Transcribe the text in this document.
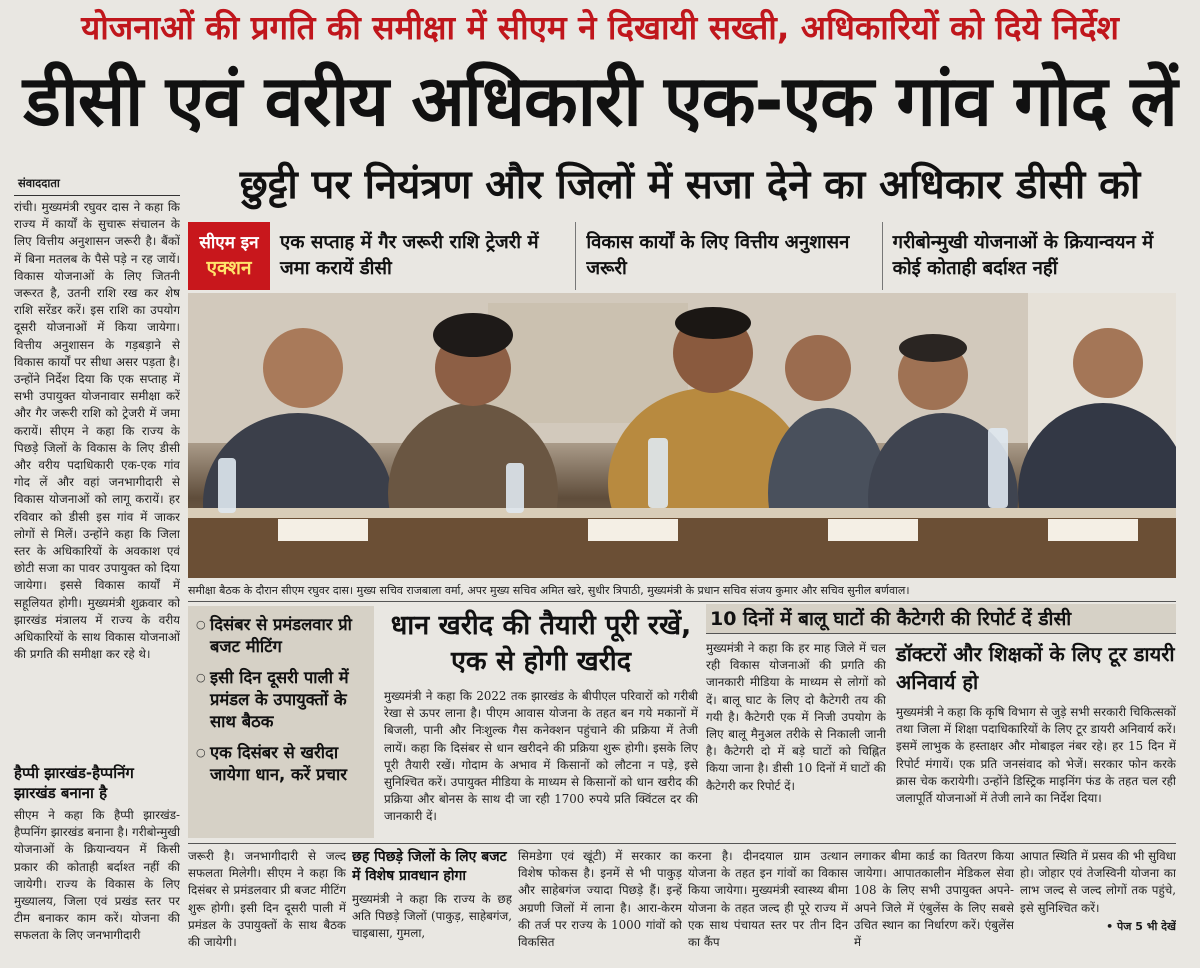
योजनाओं की प्रगति की समीक्षा में सीएम ने दिखायी सख्ती, अधिकारियों को दिये निर्देश
डीसी एवं वरीय अधिकारी एक-एक गांव गोद लें
छुट्टी पर नियंत्रण और जिलों में सजा देने का अधिकार डीसी को
संवाददाता
रांची। मुख्यमंत्री रघुवर दास ने कहा कि राज्य में कार्यों के सुचारू संचालन के लिए वित्तीय अनुशासन जरूरी है। बैंकों में बिना मतलब के पैसे पड़े न रह जायें। विकास योजनाओं के लिए जितनी जरूरत है, उतनी राशि रख कर शेष राशि सरेंडर करें। इस राशि का उपयोग दूसरी योजनाओं में किया जायेगा। वित्तीय अनुशासन के गड़बड़ाने से विकास कार्यों पर सीधा असर पड़ता है। उन्होंने निर्देश दिया कि एक सप्ताह में सभी उपायुक्त योजनावार समीक्षा करें और गैर जरूरी राशि को ट्रेजरी में जमा करायें। सीएम ने कहा कि राज्य के पिछड़े जिलों के विकास के लिए डीसी और वरीय पदाधिकारी एक-एक गांव गोद लें और वहां जनभागीदारी से विकास योजनाओं को लागू करायें। हर रविवार को डीसी इस गांव में जाकर लोगों से मिलें। उन्होंने कहा कि जिला स्तर के अधिकारियों के अवकाश एवं छोटी सजा का पावर उपायुक्त को दिया जायेगा। इससे विकास कार्यों में सहूलियत होगी। मुख्यमंत्री शुक्रवार को झारखंड मंत्रालय में राज्य के वरीय अधिकारियों के साथ विकास योजनाओं की प्रगति की समीक्षा कर रहे थे।
हैप्पी झारखंड-हैप्पनिंग झारखंड बनाना है
सीएम ने कहा कि हैप्पी झारखंड-हैप्पनिंग झारखंड बनाना है। गरीबोन्मुखी योजनाओं के क्रियान्वयन में किसी प्रकार की कोताही बर्दाश्त नहीं की जायेगी। राज्य के विकास के लिए मुख्यालय, जिला एवं प्रखंड स्तर पर टीम बनाकर काम करें। योजना की सफलता के लिए जनभागीदारी
सीएम इन
एक्शन
एक सप्ताह में गैर जरूरी राशि ट्रेजरी में जमा करायें डीसी
विकास कार्यों के लिए वित्तीय अनुशासन जरूरी
गरीबोन्मुखी योजनाओं के क्रियान्वयन में कोई कोताही बर्दाश्त नहीं
समीक्षा बैठक के दौरान सीएम रघुवर दास। मुख्य सचिव राजबाला वर्मा, अपर मुख्य सचिव अमित खरे, सुधीर त्रिपाठी, मुख्यमंत्री के प्रधान सचिव संजय कुमार और सचिव सुनील बर्णवाल।
○ दिसंबर से प्रमंडलवार प्री बजट मीटिंग
○ इसी दिन दूसरी पाली में प्रमंडल के उपायुक्तों के साथ बैठक
○ एक दिसंबर से खरीदा जायेगा धान, करें प्रचार
धान खरीद की तैयारी पूरी रखें, एक से होगी खरीद
मुख्यमंत्री ने कहा कि 2022 तक झारखंड के बीपीएल परिवारों को गरीबी रेखा से ऊपर लाना है। पीएम आवास योजना के तहत बन गये मकानों में बिजली, पानी और निःशुल्क गैस कनेक्शन पहुंचाने की प्रक्रिया में तेजी लायें। कहा कि दिसंबर से धान खरीदने की प्रक्रिया शुरू होगी। इसके लिए पूरी तैयारी रखें। गोदाम के अभाव में किसानों को लौटना न पड़े, इसे सुनिश्चित करें। उपायुक्त मीडिया के माध्यम से किसानों को धान खरीद की प्रक्रिया और बोनस के साथ दी जा रही 1700 रुपये प्रति क्विंटल दर की जानकारी दें।
10 दिनों में बालू घाटों की कैटेगरी की रिपोर्ट दें डीसी
मुख्यमंत्री ने कहा कि हर माह जिले में चल रही विकास योजनाओं की प्रगति की जानकारी मीडिया के माध्यम से लोगों को दें। बालू घाट के लिए दो कैटेगरी तय की गयी है। कैटेगरी एक में निजी उपयोग के लिए बालू मैनुअल तरीके से निकाली जानी है। कैटेगरी दो में बड़े घाटों को चिह्नित किया जाना है। डीसी 10 दिनों में घाटों की कैटेगरी कर रिपोर्ट दें।
डॉक्टरों और शिक्षकों के लिए टूर डायरी अनिवार्य हो
मुख्यमंत्री ने कहा कि कृषि विभाग से जुड़े सभी सरकारी चिकित्सकों तथा जिला में शिक्षा पदाधिकारियों के लिए टूर डायरी अनिवार्य करें। इसमें लाभुक के हस्ताक्षर और मोबाइल नंबर रहे। हर 15 दिन में रिपोर्ट मंगायें। एक प्रति जनसंवाद को भेजें। सरकार फोन करके क्रास चेक करायेगी। उन्होंने डिस्ट्रिक माइनिंग फंड के तहत चल रही जलापूर्ति योजनाओं में तेजी लाने का निर्देश दिया।
जरूरी है। जनभागीदारी से जल्द सफलता मिलेगी। सीएम ने कहा कि दिसंबर से प्रमंडलवार प्री बजट मीटिंग शुरू होगी। इसी दिन दूसरी पाली में प्रमंडल के उपायुक्तों के साथ बैठक की जायेगी।
छह पिछड़े जिलों के लिए बजट में विशेष प्रावधान होगा
मुख्यमंत्री ने कहा कि राज्य के छह अति पिछड़े जिलों (पाकुड़, साहेबगंज, चाइबासा, गुमला,
सिमडेगा एवं खूंटी) में सरकार का विशेष फोकस है। इनमें से भी पाकुड़ और साहेबगंज ज्यादा पिछड़े हैं। इन्हें अग्रणी जिलों में लाना है। आरा-केरम की तर्ज पर राज्य के 1000 गांवों को विकसित
करना है। दीनदयाल ग्राम उत्थान योजना के तहत इन गांवों का विकास किया जायेगा। मुख्यमंत्री स्वास्थ्य बीमा योजना के तहत जल्द ही पूरे राज्य में एक साथ पंचायत स्तर पर तीन दिन का कैंप
लगाकर बीमा कार्ड का वितरण किया जायेगा। आपातकालीन मेडिकल सेवा 108 के लिए सभी उपायुक्त अपने-अपने जिले में एंबुलेंस के लिए सबसे उचित स्थान का निर्धारण करें। एंबुलेंस में
आपात स्थिति में प्रसव की भी सुविधा हो। जोहार एवं तेजस्विनी योजना का लाभ जल्द से जल्द लोगों तक पहुंचे, इसे सुनिश्चित करें।
• पेज 5 भी देखें
